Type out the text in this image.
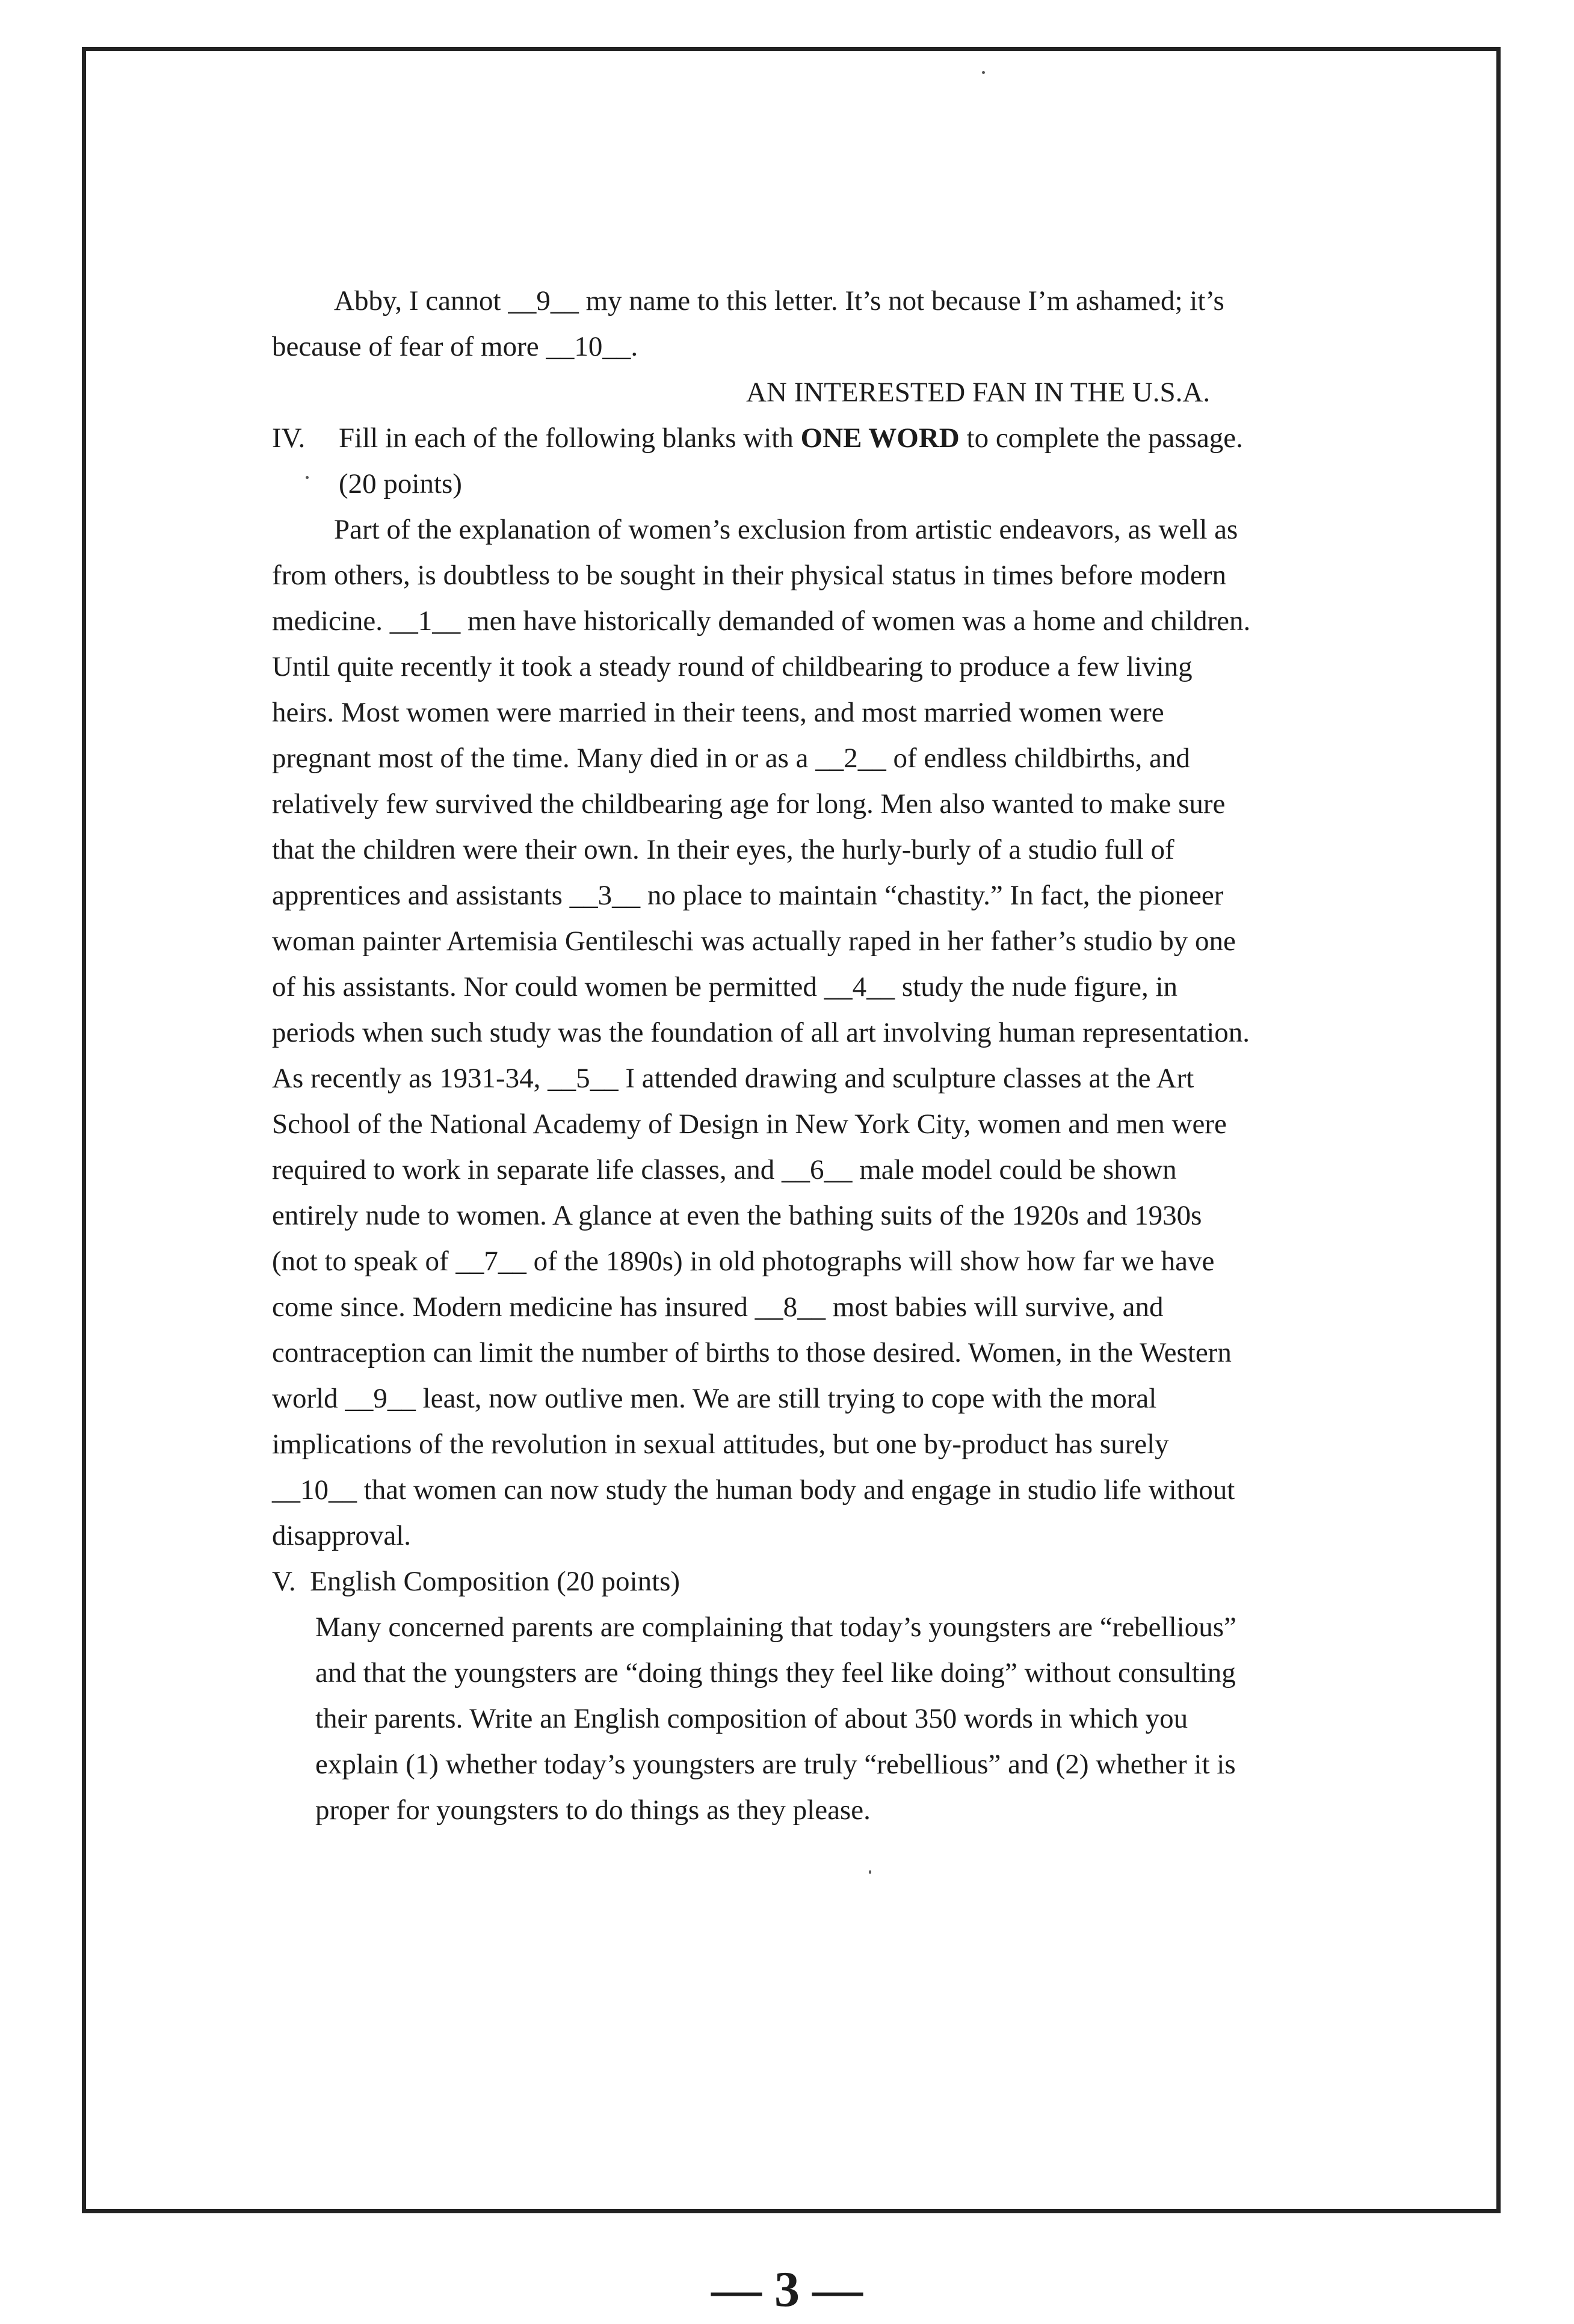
Abby, I cannot __9__ my name to this letter. It’s not because I’m ashamed; it’s
because of fear of more __10__.
AN INTERESTED FAN IN THE U.S.A.
IV. Fill in each of the following blanks with ONE WORD to complete the passage.
(20 points)
Part of the explanation of women’s exclusion from artistic endeavors, as well as
from others, is doubtless to be sought in their physical status in times before modern
medicine. __1__ men have historically demanded of women was a home and children.
Until quite recently it took a steady round of childbearing to produce a few living
heirs. Most women were married in their teens, and most married women were
pregnant most of the time. Many died in or as a __2__ of endless childbirths, and
relatively few survived the childbearing age for long. Men also wanted to make sure
that the children were their own. In their eyes, the hurly-burly of a studio full of
apprentices and assistants __3__ no place to maintain “chastity.” In fact, the pioneer
woman painter Artemisia Gentileschi was actually raped in her father’s studio by one
of his assistants. Nor could women be permitted __4__ study the nude figure, in
periods when such study was the foundation of all art involving human representation.
As recently as 1931-34, __5__ I attended drawing and sculpture classes at the Art
School of the National Academy of Design in New York City, women and men were
required to work in separate life classes, and __6__ male model could be shown
entirely nude to women. A glance at even the bathing suits of the 1920s and 1930s
(not to speak of __7__ of the 1890s) in old photographs will show how far we have
come since. Modern medicine has insured __8__ most babies will survive, and
contraception can limit the number of births to those desired. Women, in the Western
world __9__ least, now outlive men. We are still trying to cope with the moral
implications of the revolution in sexual attitudes, but one by-product has surely
__10__ that women can now study the human body and engage in studio life without
disapproval.
V.  English Composition (20 points)
Many concerned parents are complaining that today’s youngsters are “rebellious”
and that the youngsters are “doing things they feel like doing” without consulting
their parents. Write an English composition of about 350 words in which you
explain (1) whether today’s youngsters are truly “rebellious” and (2) whether it is
proper for youngsters to do things as they please.
— 3 —
